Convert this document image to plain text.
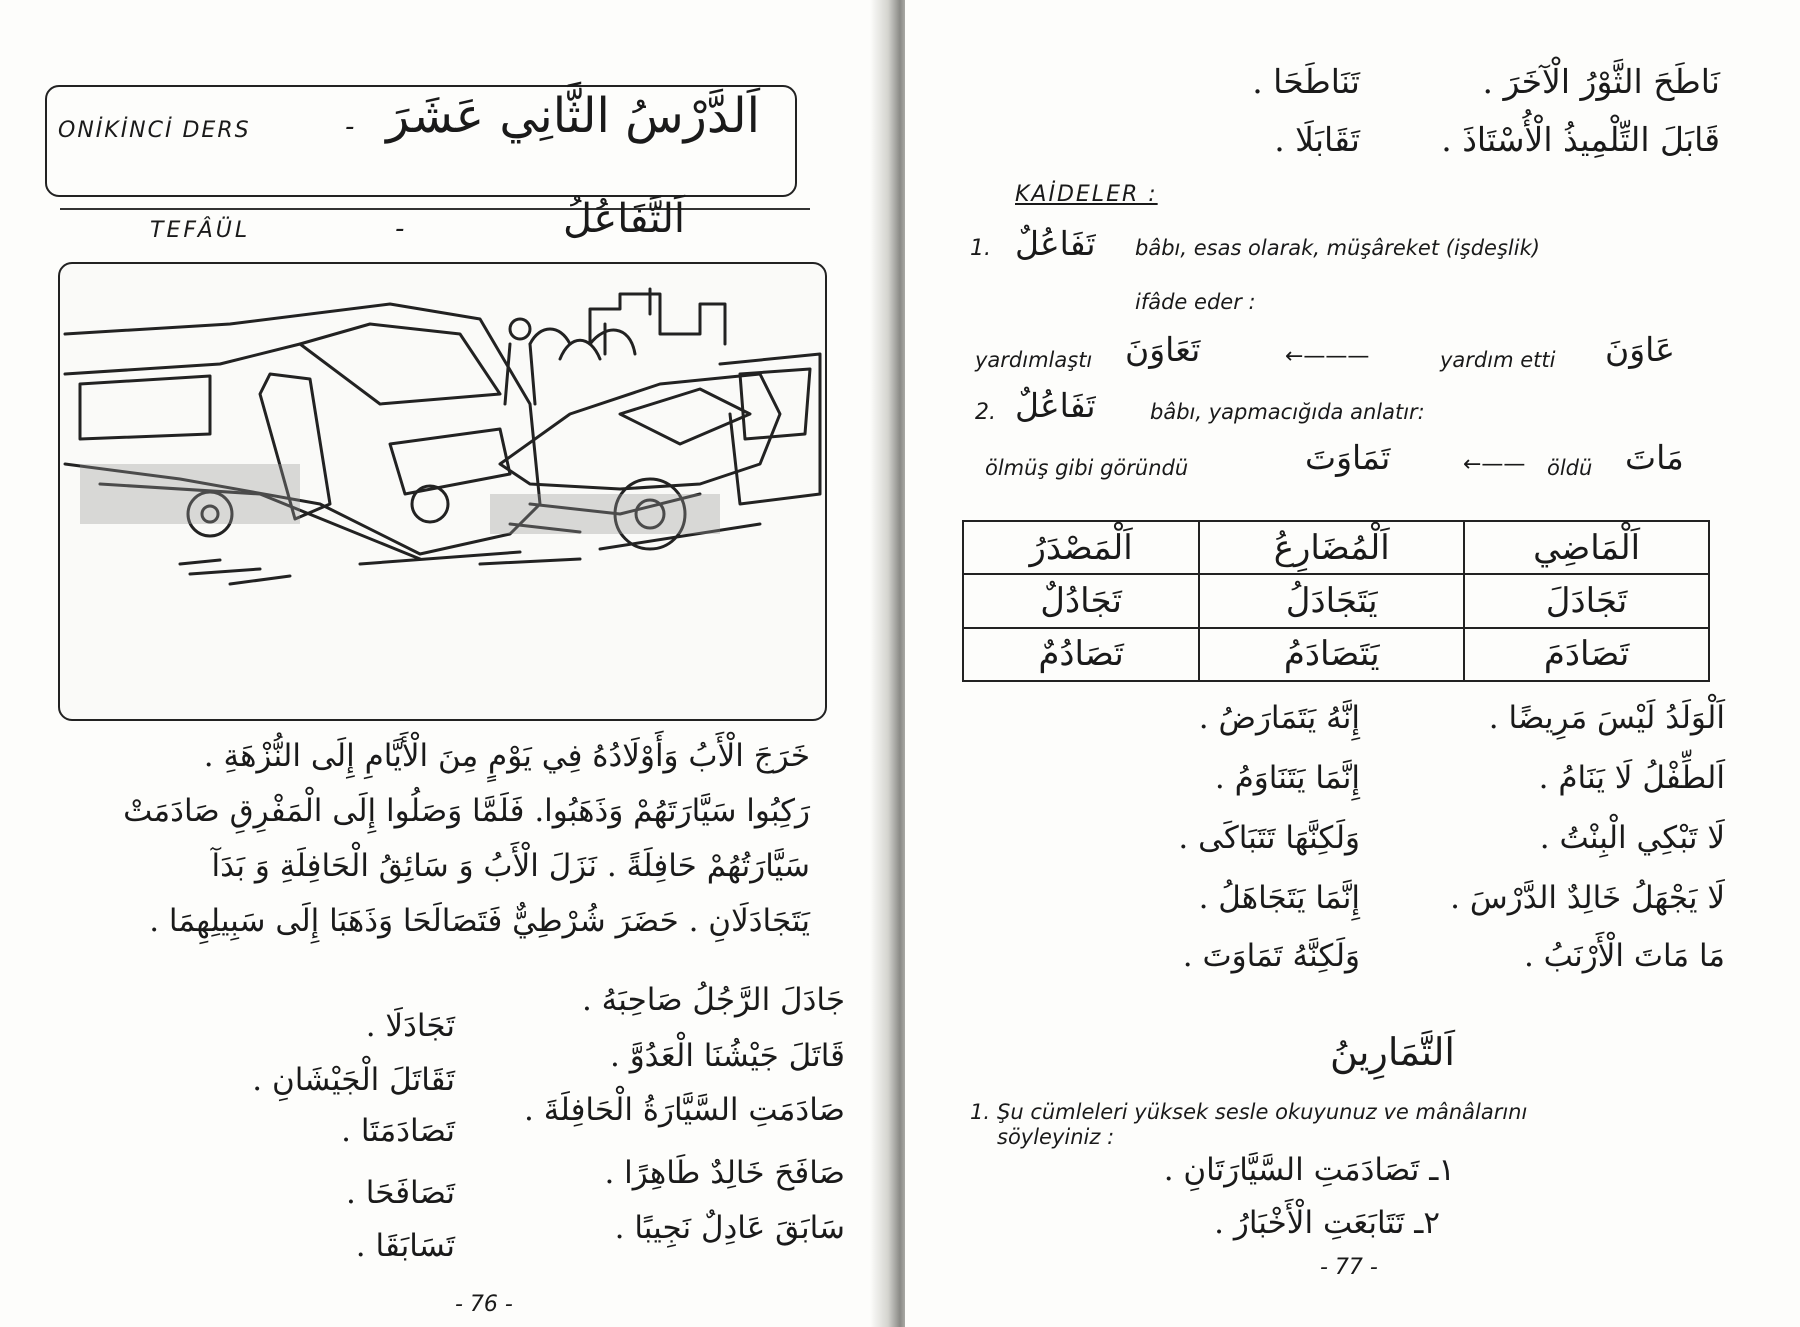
ONİKİNCİ DERS	- اَلدَّرْسُ الثَّانِي عَشَرَ
TEFÂÜL	-	اَلتَّفَاعُلُ
خَرَجَ الْأَبُ وَأَوْلَادُهُ فِي يَوْمٍ مِنَ الْأَيَّامِ إِلَى النُّزْهَةِ .
رَكِبُوا سَيَّارَتَهُمْ وَذَهَبُوا. فَلَمَّا وَصَلُوا إِلَى الْمَفْرِقِ صَادَمَتْ
سَيَّارَتُهُمْ حَافِلَةً . نَزَلَ الْأَبُ وَ سَائِقُ الْحَافِلَةِ وَ بَدَآ
يَتَجَادَلَانِ . حَضَرَ شُرْطِيٌّ فَتَصَالَحَا وَذَهَبَا إِلَى سَبِيلِهِمَا .
جَادَلَ الرَّجُلُ صَاحِبَهُ .
تَجَادَلَا .
قَاتَلَ جَيْشُنَا الْعَدُوَّ .
تَقَاتَلَ الْجَيْشَانِ .
صَادَمَتِ السَّيَّارَةُ الْحَافِلَةَ .
تَصَادَمَتَا .
صَافَحَ خَالِدٌ طَاهِرًا .
تَصَافَحَا .
سَابَقَ عَادِلٌ نَجِيبًا .
تَسَابَقَا .
- 76 -
نَاطَحَ الثَّوْرُ الْآخَرَ .
تَنَاطَحَا .
قَابَلَ التِّلْمِيذُ الْأُسْتَاذَ .
تَقَابَلَا .
KAİDELER :
1. تَفَاعُلٌ bâbı, esas olarak, müşâreket (işdeşlik)
ifâde eder :
yardımlaştı تَعَاوَنَ	←———	yardım etti عَاوَنَ
2. تَفَاعُلٌ	bâbı, yapmacığıda anlatır:
ölmüş gibi göründü	تَمَاوَتَ	←—— öldü مَاتَ
اَلْمَصْدَرُ	اَلْمُضَارِعُ	اَلْمَاضِي
تَجَادُلٌ	يَتَجَادَلُ	تَجَادَلَ
تَصَادُمٌ	يَتَصَادَمُ	تَصَادَمَ
اَلْوَلَدُ لَيْسَ مَرِيضًا .
إِنَّهُ يَتَمَارَضُ .
اَلطِّفْلُ لَا يَنَامُ .
إِنَّمَا يَتَنَاوَمُ .
لَا تَبْكِي الْبِنْتُ .
وَلَكِنَّهَا تَتَبَاكَى .
لَا يَجْهَلُ خَالِدٌ الدَّرْسَ .
إِنَّمَا يَتَجَاهَلُ .
مَا مَاتَ الْأَرْنَبُ .
وَلَكِنَّهُ تَمَاوَتَ .
اَلتَّمَارِينُ
1. Şu cümleleri yüksek sesle okuyunuz ve mânâlarını
söyleyiniz :
١ـ تَصَادَمَتِ السَّيَّارَتَانِ .
٢ـ تَتَابَعَتِ الْأَخْبَارُ .
- 77 -
